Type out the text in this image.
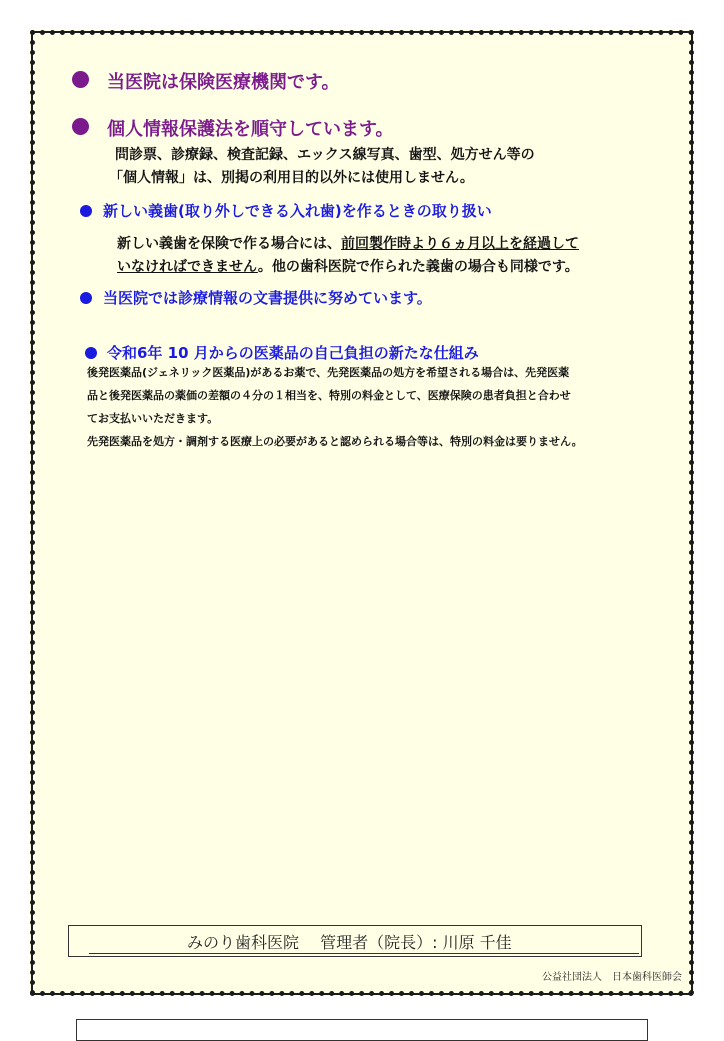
当医院は保険医療機関です。
個人情報保護法を順守しています。
問診票、診療録、検査記録、エックス線写真、歯型、処方せん等の
「個人情報」は、別掲の利用目的以外には使用しません。
新しい義歯(取り外しできる入れ歯)を作るときの取り扱い
新しい義歯を保険で作る場合には、前回製作時より６ヵ月以上を経過して
いなければできません。他の歯科医院で作られた義歯の場合も同様です。
当医院では診療情報の文書提供に努めています。
令和6年 10 月からの医薬品の自己負担の新たな仕組み
後発医薬品(ジェネリック医薬品)があるお薬で、先発医薬品の処方を希望される場合は、先発医薬
品と後発医薬品の薬価の差額の４分の１相当を、特別の料金として、医療保険の患者負担と合わせ
てお支払いいただきます。
先発医薬品を処方・調剤する医療上の必要があると認められる場合等は、特別の料金は要りません。
みのり歯科医院　 管理者（院長）: 川原 千佳
公益社団法人　日本歯科医師会
